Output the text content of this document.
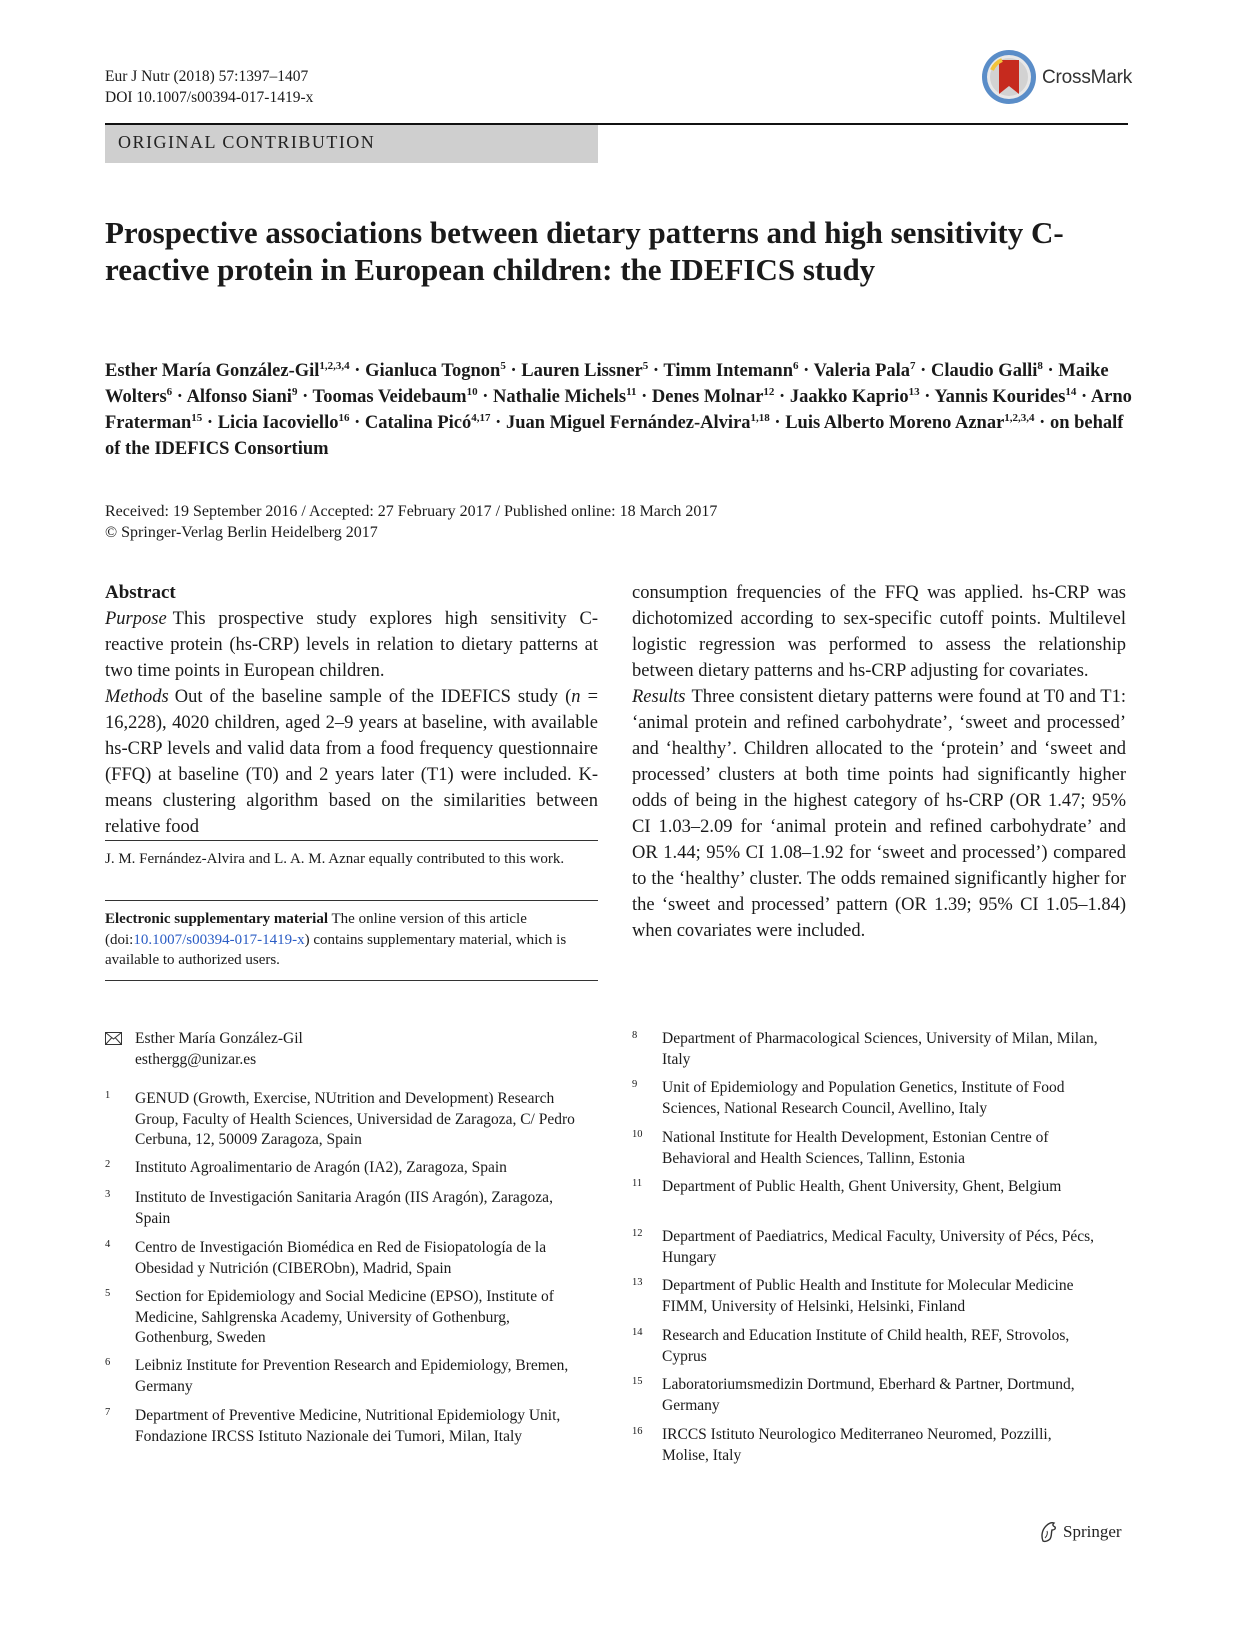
Eur J Nutr (2018) 57:1397–1407
DOI 10.1007/s00394-017-1419-x
CrossMark
ORIGINAL CONTRIBUTION
Prospective associations between dietary patterns and high sensitivity C-reactive protein in European children: the IDEFICS study
Esther María González-Gil$^{1,2,3,4}$ · Gianluca Tognon$^5$ · Lauren Lissner$^5$ · Timm Intemann$^6$ · Valeria Pala$^7$ · Claudio Galli$^8$ · Maike Wolters$^6$ · Alfonso Siani$^9$ · Toomas Veidebaum$^{10}$ · Nathalie Michels$^{11}$ · Denes Molnar$^{12}$ · Jaakko Kaprio$^{13}$ · Yannis Kourides$^{14}$ · Arno Fraterman$^{15}$ · Licia Iacoviello$^{16}$ · Catalina Picó$^{4,17}$ · Juan Miguel Fernández-Alvira$^{1,18}$ · Luis Alberto Moreno Aznar$^{1,2,3,4}$ · on behalf of the IDEFICS Consortium
Received: 19 September 2016 / Accepted: 27 February 2017 / Published online: 18 March 2017
© Springer-Verlag Berlin Heidelberg 2017
Abstract

Purpose This prospective study explores high sensitivity C-reactive protein (hs-CRP) levels in relation to dietary patterns at two time points in European children.

Methods Out of the baseline sample of the IDEFICS study (n = 16,228), 4020 children, aged 2–9 years at baseline, with available hs-CRP levels and valid data from a food frequency questionnaire (FFQ) at baseline (T0) and 2 years later (T1) were included. K-means clustering algorithm based on the similarities between relative food

consumption frequencies of the FFQ was applied. hs-CRP was dichotomized according to sex-specific cutoff points. Multilevel logistic regression was performed to assess the relationship between dietary patterns and hs-CRP adjusting for covariates.

Results Three consistent dietary patterns were found at T0 and T1: ‘animal protein and refined carbohydrate’, ‘sweet and processed’ and ‘healthy’. Children allocated to the ‘protein’ and ‘sweet and processed’ clusters at both time points had significantly higher odds of being in the highest category of hs-CRP (OR 1.47; 95% CI 1.03–2.09 for ‘animal protein and refined carbohydrate’ and OR 1.44; 95% CI 1.08–1.92 for ‘sweet and processed’) compared to the ‘healthy’ cluster. The odds remained significantly higher for the ‘sweet and processed’ pattern (OR 1.39; 95% CI 1.05–1.84) when covariates were included.

J. M. Fernández-Alvira and L. A. M. Aznar equally contributed to this work.
Electronic supplementary material The online version of this article (doi:10.1007/s00394-017-1419-x) contains supplementary material, which is available to authorized users.
Esther María González-Gil
esthergg@unizar.es
Springer
1 GENUD (Growth, Exercise, NUtrition and Development) Research Group, Faculty of Health Sciences, Universidad de Zaragoza, C/ Pedro Cerbuna, 12, 50009 Zaragoza, Spain
2 Instituto Agroalimentario de Aragón (IA2), Zaragoza, Spain
3 Instituto de Investigación Sanitaria Aragón (IIS Aragón), Zaragoza, Spain
4 Centro de Investigación Biomédica en Red de Fisiopatología de la Obesidad y Nutrición (CIBERObn), Madrid, Spain
5 Section for Epidemiology and Social Medicine (EPSO), Institute of Medicine, Sahlgrenska Academy, University of Gothenburg, Gothenburg, Sweden
6 Leibniz Institute for Prevention Research and Epidemiology, Bremen, Germany
7 Department of Preventive Medicine, Nutritional Epidemiology Unit, Fondazione IRCSS Istituto Nazionale dei Tumori, Milan, Italy
8 Department of Pharmacological Sciences, University of Milan, Milan, Italy
9 Unit of Epidemiology and Population Genetics, Institute of Food Sciences, National Research Council, Avellino, Italy
10 National Institute for Health Development, Estonian Centre of Behavioral and Health Sciences, Tallinn, Estonia
11 Department of Public Health, Ghent University, Ghent, Belgium
12 Department of Paediatrics, Medical Faculty, University of Pécs, Pécs, Hungary
13 Department of Public Health and Institute for Molecular Medicine FIMM, University of Helsinki, Helsinki, Finland
14 Research and Education Institute of Child health, REF, Strovolos, Cyprus
15 Laboratoriumsmedizin Dortmund, Eberhard & Partner, Dortmund, Germany
16 IRCCS Istituto Neurologico Mediterraneo Neuromed, Pozzilli, Molise, Italy
